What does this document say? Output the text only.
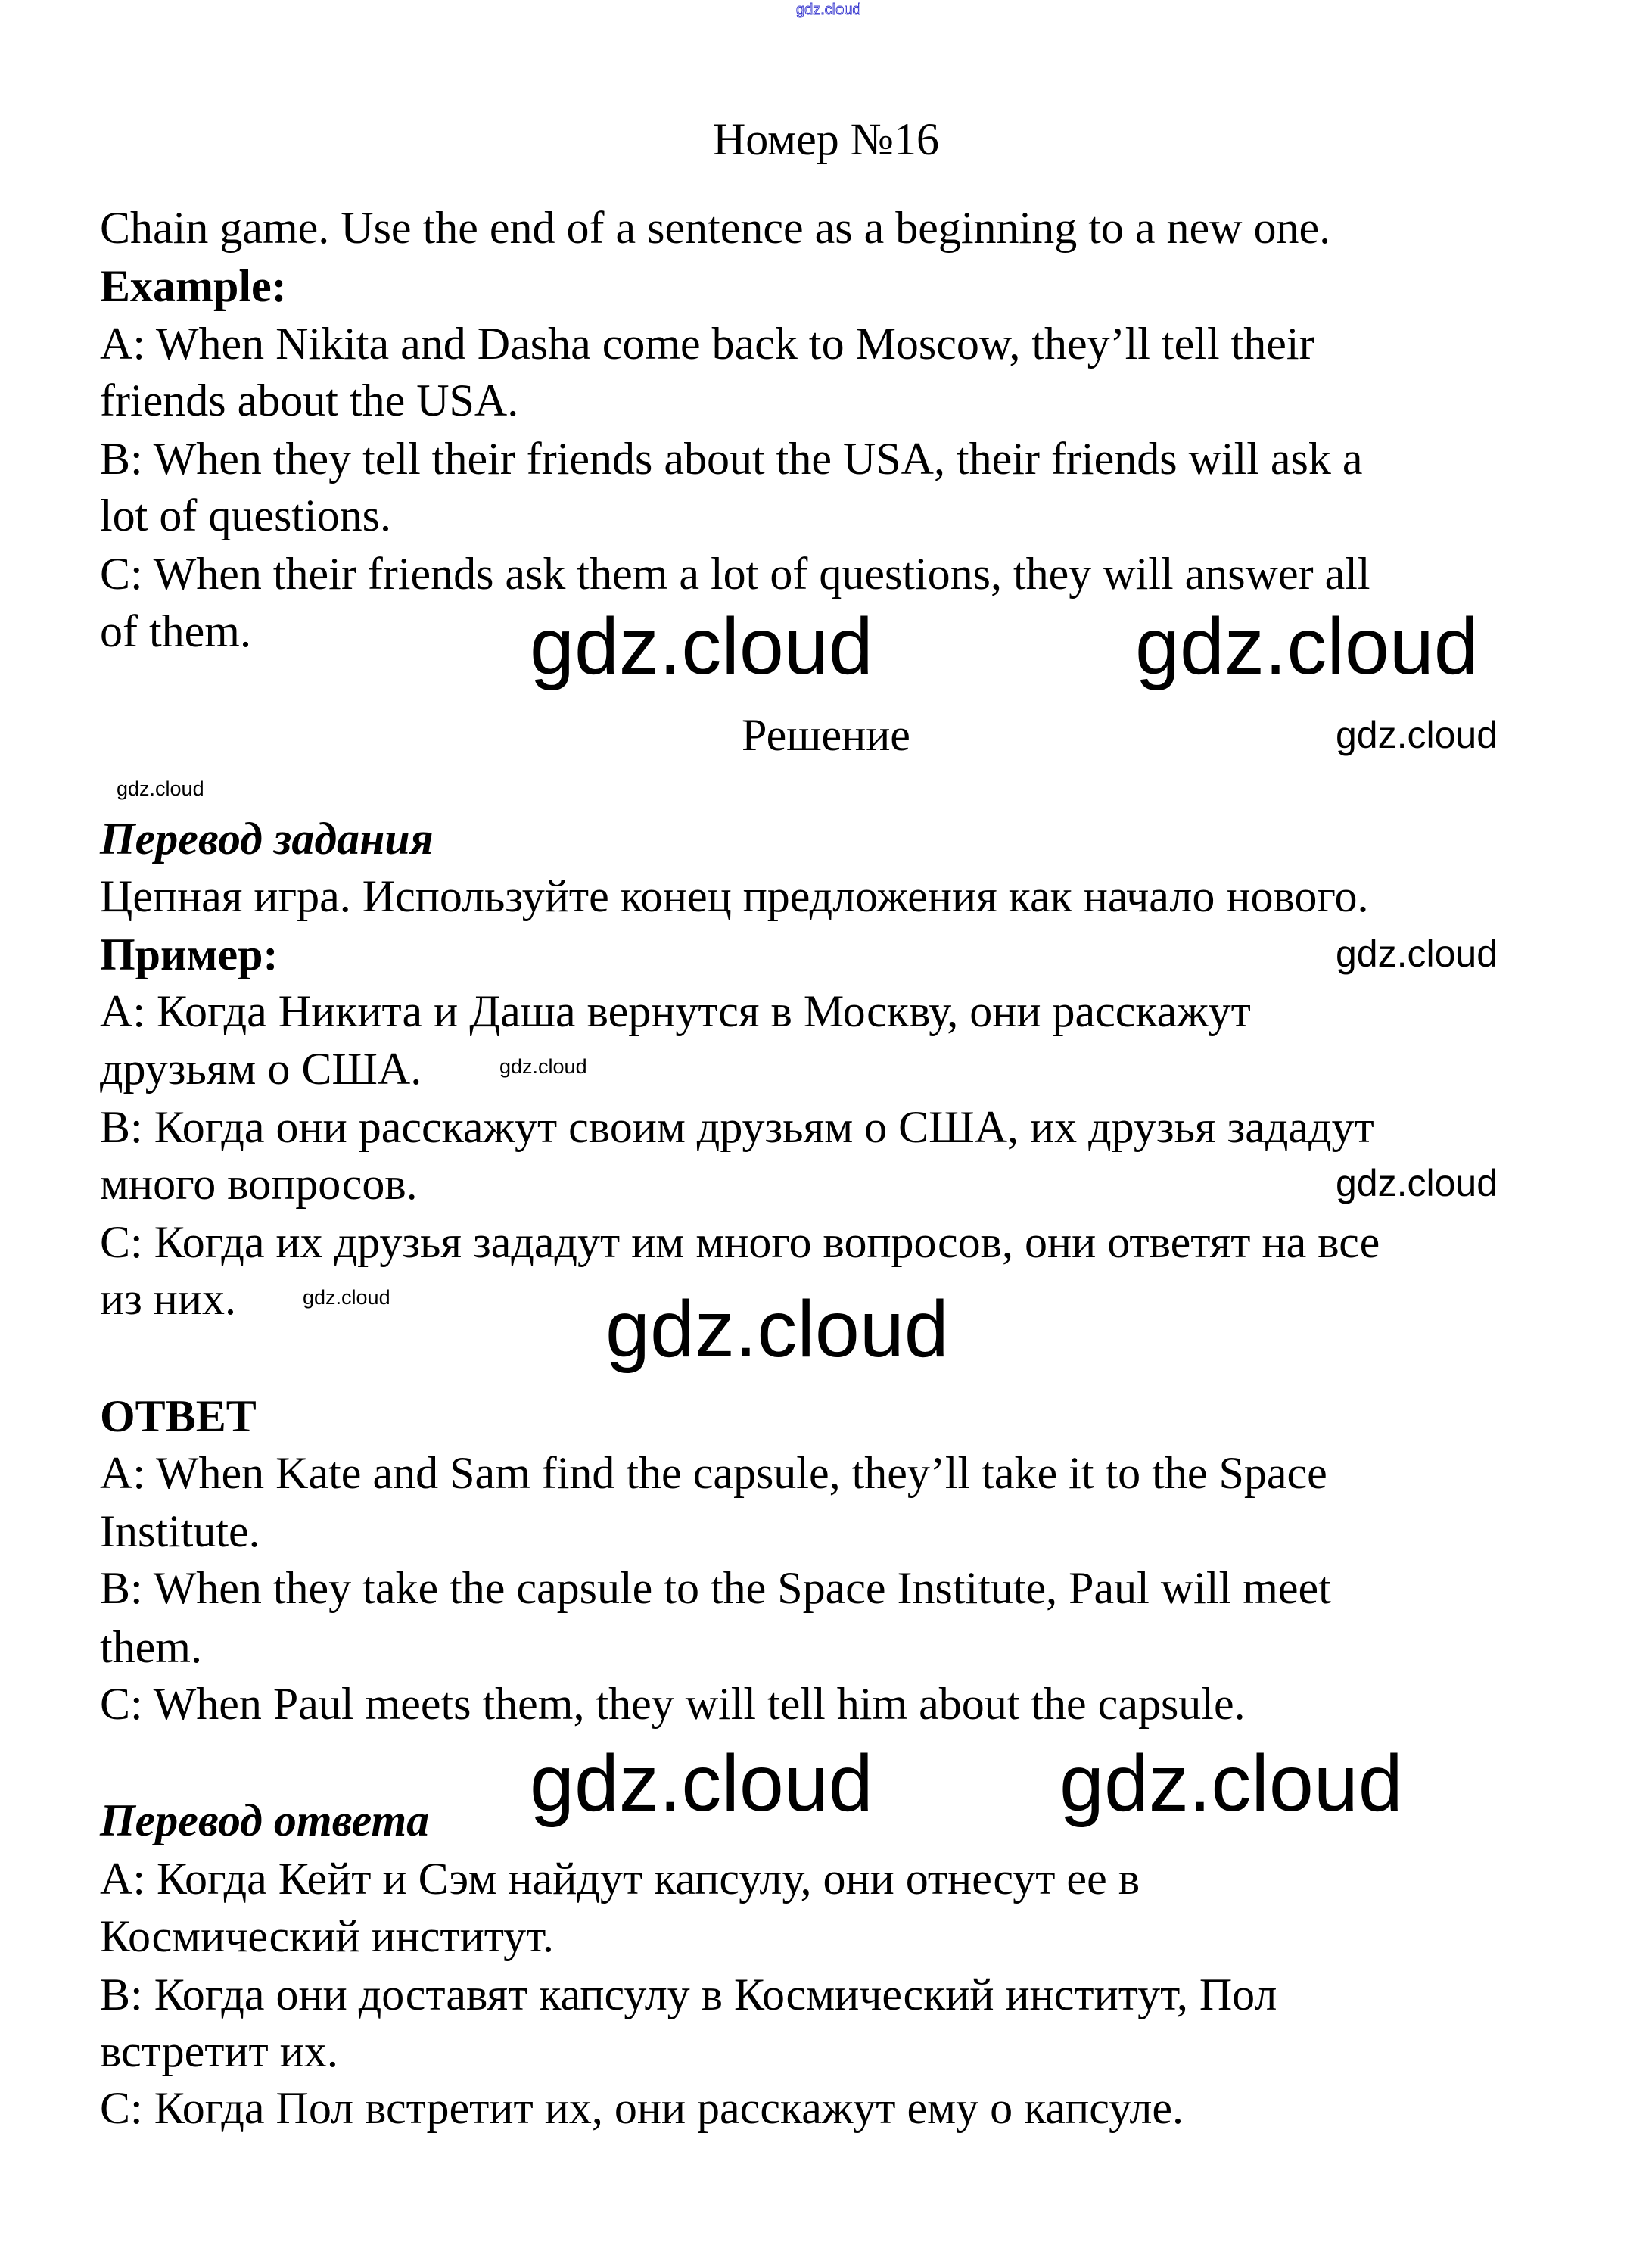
gdz.cloud
Номер №16
Chain game. Use the end of a sentence as a beginning to a new one.
Example:
A: When Nikita and Dasha come back to Moscow, they’ll tell their
friends about the USA.
B: When they tell their friends about the USA, their friends will ask a
lot of questions.
C: When their friends ask them a lot of questions, they will answer all
of them.
Решение
Перевод задания
Цепная игра. Используйте конец предложения как начало нового.
Пример:
A: Когда Никита и Даша вернутся в Москву, они расскажут
друзьям о США.
B: Когда они расскажут своим друзьям о США, их друзья зададут
много вопросов.
C: Когда их друзья зададут им много вопросов, они ответят на все
из них.
ОТВЕТ
A: When Kate and Sam find the capsule, they’ll take it to the Space
Institute.
B: When they take the capsule to the Space Institute, Paul will meet
them.
C: When Paul meets them, they will tell him about the capsule.
Перевод ответа
A: Когда Кейт и Сэм найдут капсулу, они отнесут ее в
Космический институт.
B: Когда они доставят капсулу в Космический институт, Пол
встретит их.
C: Когда Пол встретит их, они расскажут ему о капсуле.
gdz.cloud	gdz.cloud
gdz.cloud
gdz.cloud gdz.cloud
gdz.cloud
gdz.cloud
gdz.cloud
gdz.cloud
gdz.cloud
gdz.cloud
